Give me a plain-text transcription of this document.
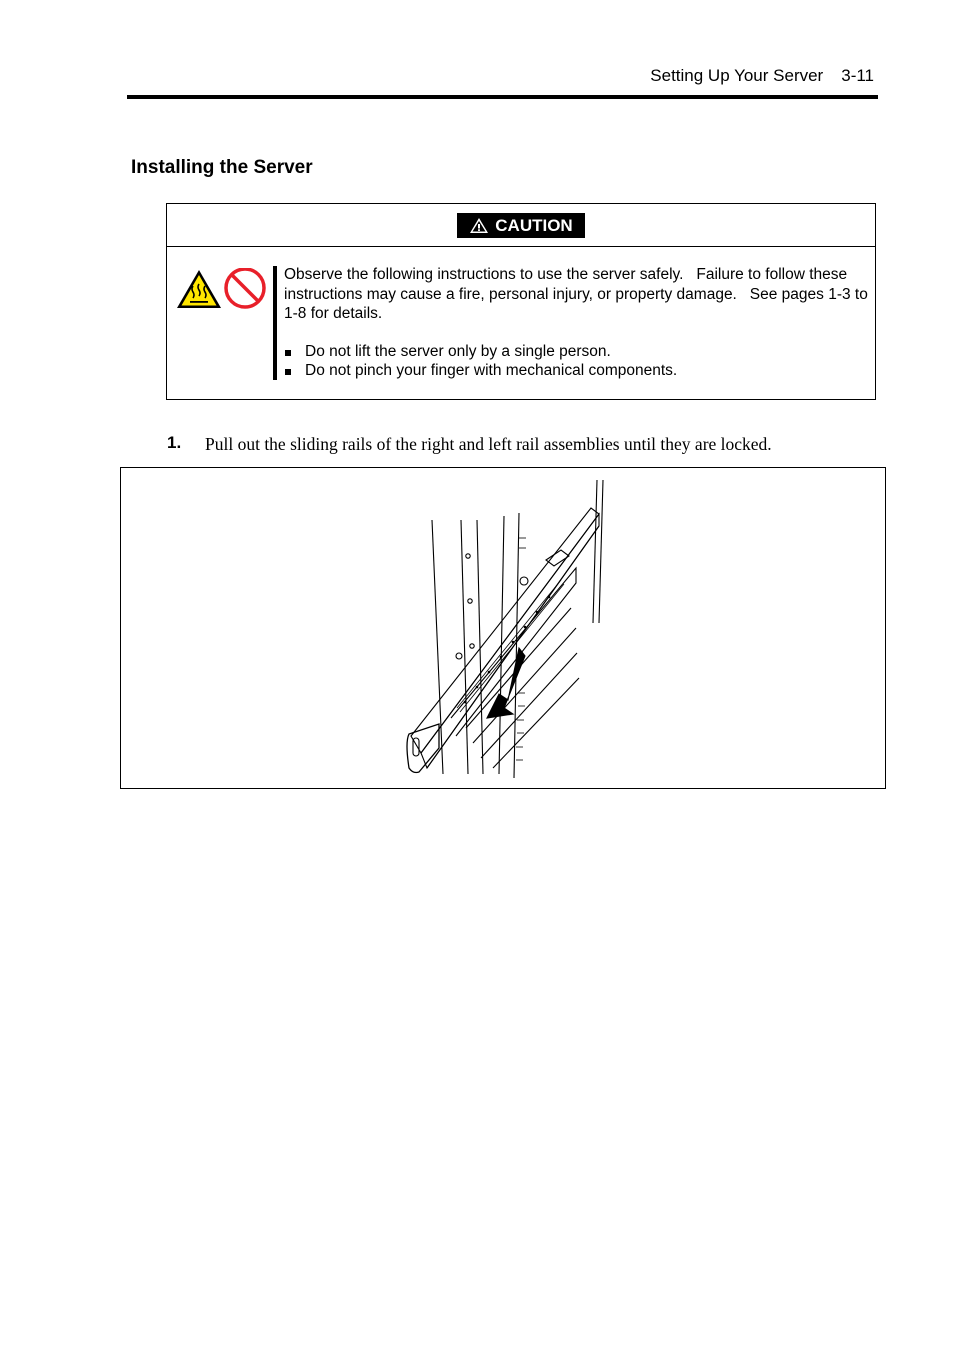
Setting Up Your Server 3-11
Installing the Server
CAUTION

Observe the following instructions to use the server safely.   Failure to follow these instructions may cause a fire, personal injury, or property damage.   See pages 1-3 to 1-8 for details.

Do not lift the server only by a single person.
Do not pinch your finger with mechanical components.
1. Pull out the sliding rails of the right and left rail assemblies until they are locked.
